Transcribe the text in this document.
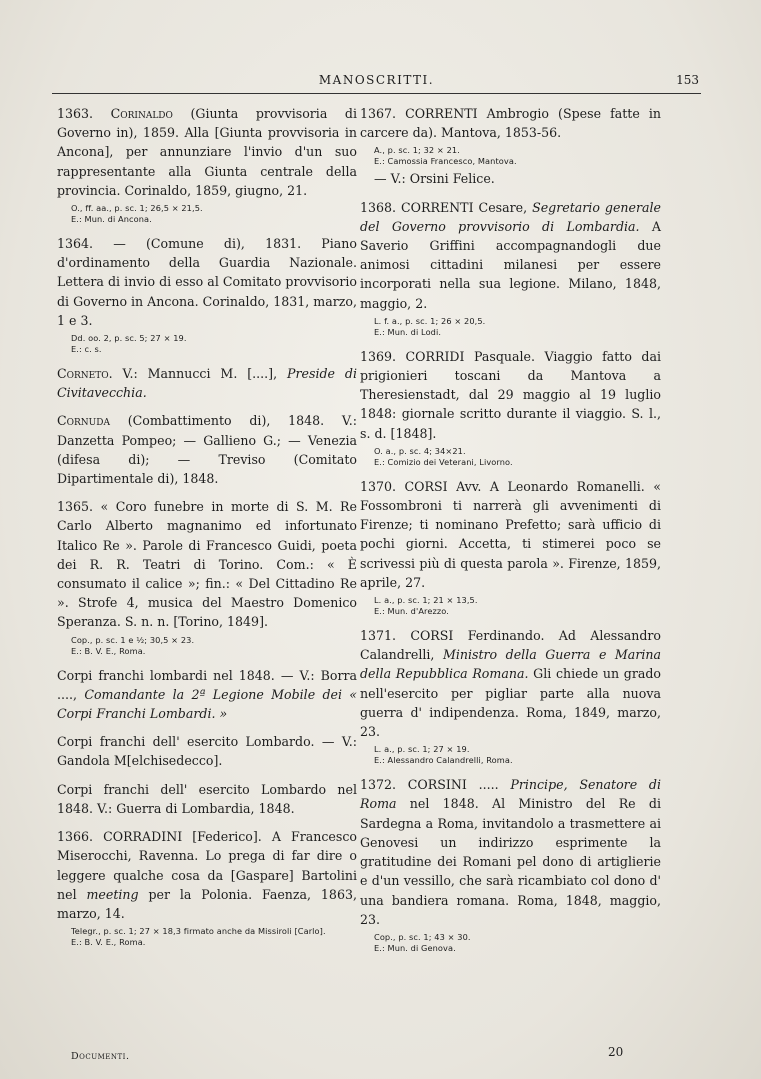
MANOSCRITTI.	153

1363. Corinaldo (Giunta provvisoria di Governo in), 1859. Alla [Giunta provvisoria in Ancona], per annunziare l'invio d'un suo rappresentante alla Giunta centrale della provincia. Corinaldo, 1859, giugno, 21.

O., ff. aa., p. sc. 1; 26,5 × 21,5.
E.: Mun. di Ancona.

1364. — (Comune di), 1831. Piano d'ordinamento della Guardia Nazionale. Lettera di invio di esso al Comitato provvisorio di Governo in Ancona. Corinaldo, 1831, marzo, 1 e 3.

Dd. oo. 2, p. sc. 5; 27 × 19.
E.: c. s.

Corneto. V.: Mannucci M. [....], Preside di Civitavecchia.

Cornuda (Combattimento di), 1848. V.: Danzetta Pompeo; — Gallieno G.; — Venezia (difesa di); — Treviso (Comitato Dipartimentale di), 1848.

1365. « Coro funebre in morte di S. M. Re Carlo Alberto magnanimo ed infortunato Italico Re ». Parole di Francesco Guidi, poeta dei R. R. Teatri di Torino. Com.: « È consumato il calice »; fin.: « Del Cittadino Re ». Strofe 4, musica del Maestro Domenico Speranza. S. n. n. [Torino, 1849].

Cop., p. sc. 1 e ½; 30,5 × 23.
E.: B. V. E., Roma.

Corpi franchi lombardi nel 1848. — V.: Borra ...., Comandante la 2ª Legione Mobile dei « Corpi Franchi Lombardi. »

Corpi franchi dell' esercito Lombardo. — V.: Gandola M[elchisedecco].

Corpi franchi dell' esercito Lombardo nel 1848. V.: Guerra di Lombardia, 1848.

1366. CORRADINI [Federico]. A Francesco Miserocchi, Ravenna. Lo prega di far dire o leggere qualche cosa da [Gaspare] Bartolini nel meeting per la Polonia. Faenza, 1863, marzo, 14.

Telegr., p. sc. 1; 27 × 18,3 firmato anche da Missiroli [Carlo].
E.: B. V. E., Roma.

1367. CORRENTI Ambrogio (Spese fatte in carcere da). Mantova, 1853-56.

A., p. sc. 1; 32 × 21.
E.: Camossia Francesco, Mantova.
— V.: Orsini Felice.

1368. CORRENTI Cesare, Segretario generale del Governo provvisorio di Lombardia. A Saverio Griffini accompagnandogli due animosi cittadini milanesi per essere incorporati nella sua legione. Milano, 1848, maggio, 2.

L. f. a., p. sc. 1; 26 × 20,5.
E.: Mun. di Lodi.

1369. CORRIDI Pasquale. Viaggio fatto dai prigionieri toscani da Mantova a Theresienstadt, dal 29 maggio al 19 luglio 1848: giornale scritto durante il viaggio. S. l., s. d. [1848].

O. a., p. sc. 4; 34×21.
E.: Comizio dei Veterani, Livorno.

1370. CORSI Avv. A Leonardo Romanelli. « Fossombroni ti narrerà gli avvenimenti di Firenze; ti nominano Prefetto; sarà ufficio di pochi giorni. Accetta, ti stimerei poco se scrivessi più di questa parola ». Firenze, 1859, aprile, 27.

L. a., p. sc. 1; 21 × 13,5.
E.: Mun. d'Arezzo.

1371. CORSI Ferdinando. Ad Alessandro Calandrelli, Ministro della Guerra e Marina della Repubblica Romana. Gli chiede un grado nell'esercito per pigliar parte alla nuova guerra d' indipendenza. Roma, 1849, marzo, 23.

L. a., p. sc. 1; 27 × 19.
E.: Alessandro Calandrelli, Roma.

1372. CORSINI ..... Principe, Senatore di Roma nel 1848. Al Ministro del Re di Sardegna a Roma, invitandolo a trasmettere ai Genovesi un indirizzo esprimente la gratitudine dei Romani pel dono di artiglierie e d'un vessillo, che sarà ricambiato col dono d' una bandiera romana. Roma, 1848, maggio, 23.

Cop., p. sc. 1; 43 × 30.
E.: Mun. di Genova.
Documenti.	20
